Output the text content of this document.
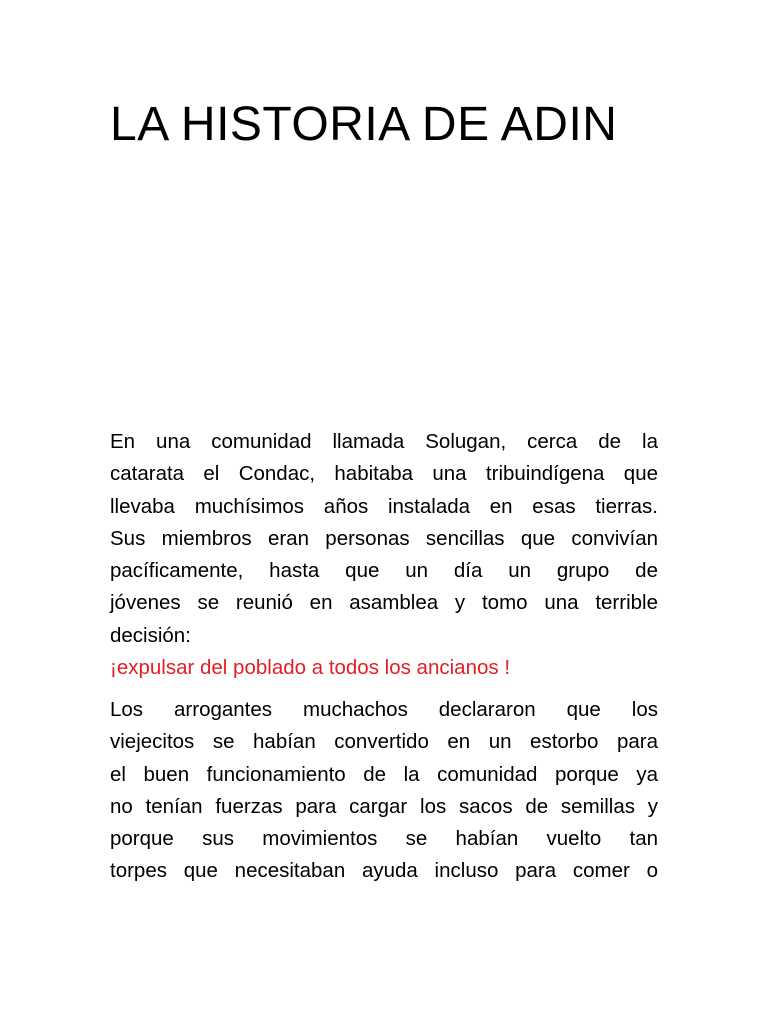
LA HISTORIA DE ADIN
En una comunidad llamada Solugan, cerca de la
catarata el Condac, habitaba una tribuindígena que
llevaba muchísimos años instalada en esas tierras.
Sus miembros eran personas sencillas que convivían
pacíficamente, hasta que un día un grupo de
jóvenes se reunió en asamblea y tomo una terrible
decisión:

¡expulsar del poblado a todos los ancianos !

Los arrogantes muchachos declararon que los
viejecitos se habían convertido en un estorbo para
el buen funcionamiento de la comunidad porque ya
no tenían fuerzas para cargar los sacos de semillas y
porque sus movimientos se habían vuelto tan
torpes que necesitaban ayuda incluso para comer o
